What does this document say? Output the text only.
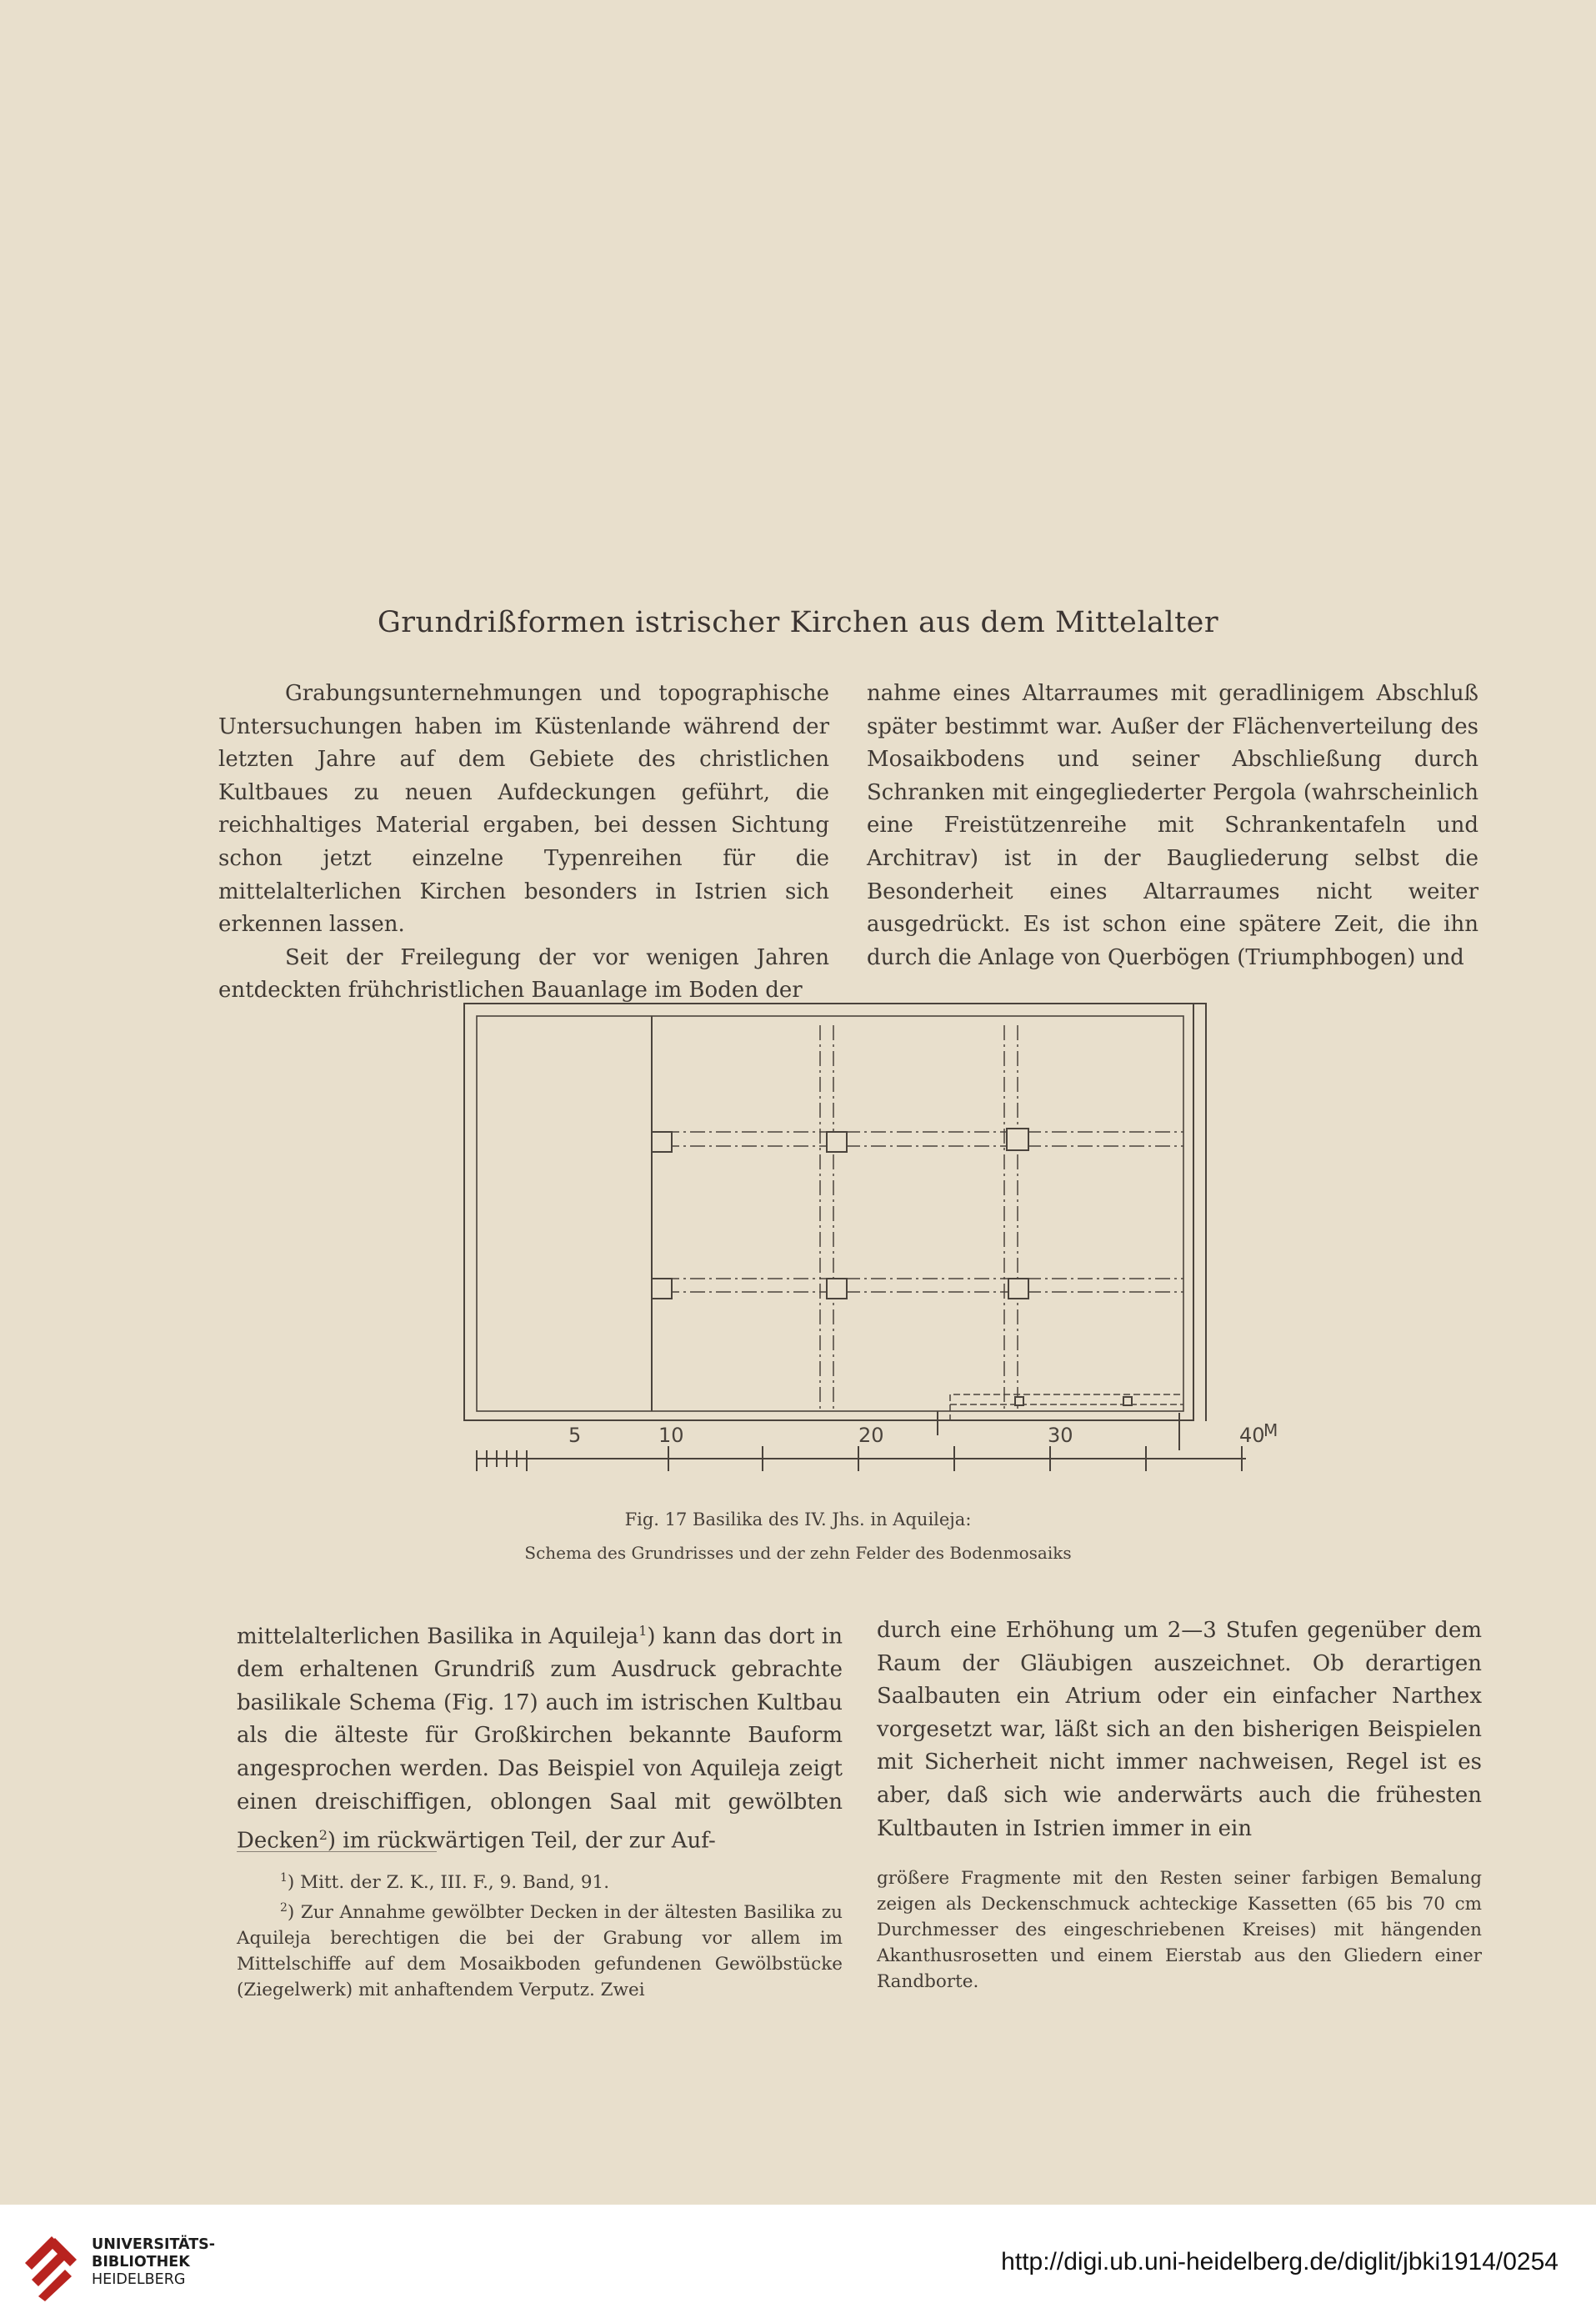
Grundrißformen istrischer Kirchen aus dem Mittelalter

Grabungsunternehmungen und topographische Untersuchungen haben im Küstenlande während der letzten Jahre auf dem Gebiete des christlichen Kultbaues zu neuen Aufdeckungen geführt, die reichhaltiges Material ergaben, bei dessen Sichtung schon jetzt einzelne Typenreihen für die mittelalterlichen Kirchen besonders in Istrien sich erkennen lassen.

Seit der Freilegung der vor wenigen Jahren entdeckten frühchristlichen Bauanlage im Boden der

nahme eines Altarraumes mit geradlinigem Abschluß später bestimmt war. Außer der Flächenverteilung des Mosaikbodens und seiner Abschließung durch Schranken mit eingegliederter Pergola (wahrscheinlich eine Freistützenreihe mit Schrankentafeln und Architrav) ist in der Baugliederung selbst die Besonderheit eines Altarraumes nicht weiter ausgedrückt. Es ist schon eine spätere Zeit, die ihn durch die Anlage von Querbögen (Triumphbogen) und

5	10	20	30	40
M
Fig. 17 Basilika des IV. Jhs. in Aquileja:
Schema des Grundrisses und der zehn Felder des Bodenmosaiks

mittelalterlichen Basilika in Aquileja$^1$) kann das dort in dem erhaltenen Grundriß zum Ausdruck gebrachte basilikale Schema (Fig. 17) auch im istrischen Kultbau als die älteste für Großkirchen bekannte Bauform angesprochen werden. Das Beispiel von Aquileja zeigt einen dreischiffigen, oblongen Saal mit gewölbten Decken$^2$) im rückwärtigen Teil, der zur Auf-

durch eine Erhöhung um 2—3 Stufen gegenüber dem Raum der Gläubigen auszeichnet. Ob derartigen Saalbauten ein Atrium oder ein einfacher Narthex vorgesetzt war, läßt sich an den bisherigen Beispielen mit Sicherheit nicht immer nachweisen, Regel ist es aber, daß sich wie anderwärts auch die frühesten Kultbauten in Istrien immer in ein

$^1$) Mitt. der Z. K., III. F., 9. Band, 91.

$^2$) Zur Annahme gewölbter Decken in der ältesten Basilika zu Aquileja berechtigen die bei der Grabung vor allem im Mittelschiffe auf dem Mosaikboden gefundenen Gewölbstücke (Ziegelwerk) mit anhaftendem Verputz. Zwei

größere Fragmente mit den Resten seiner farbigen Bemalung zeigen als Deckenschmuck achteckige Kassetten (65 bis 70 cm Durchmesser des eingeschriebenen Kreises) mit hängenden Akanthusrosetten und einem Eierstab aus den Gliedern einer Randborte.

UNIVERSITÄTS-
BIBLIOTHEK
HEIDELBERG
http://digi.ub.uni-heidelberg.de/diglit/jbki1914/0254
